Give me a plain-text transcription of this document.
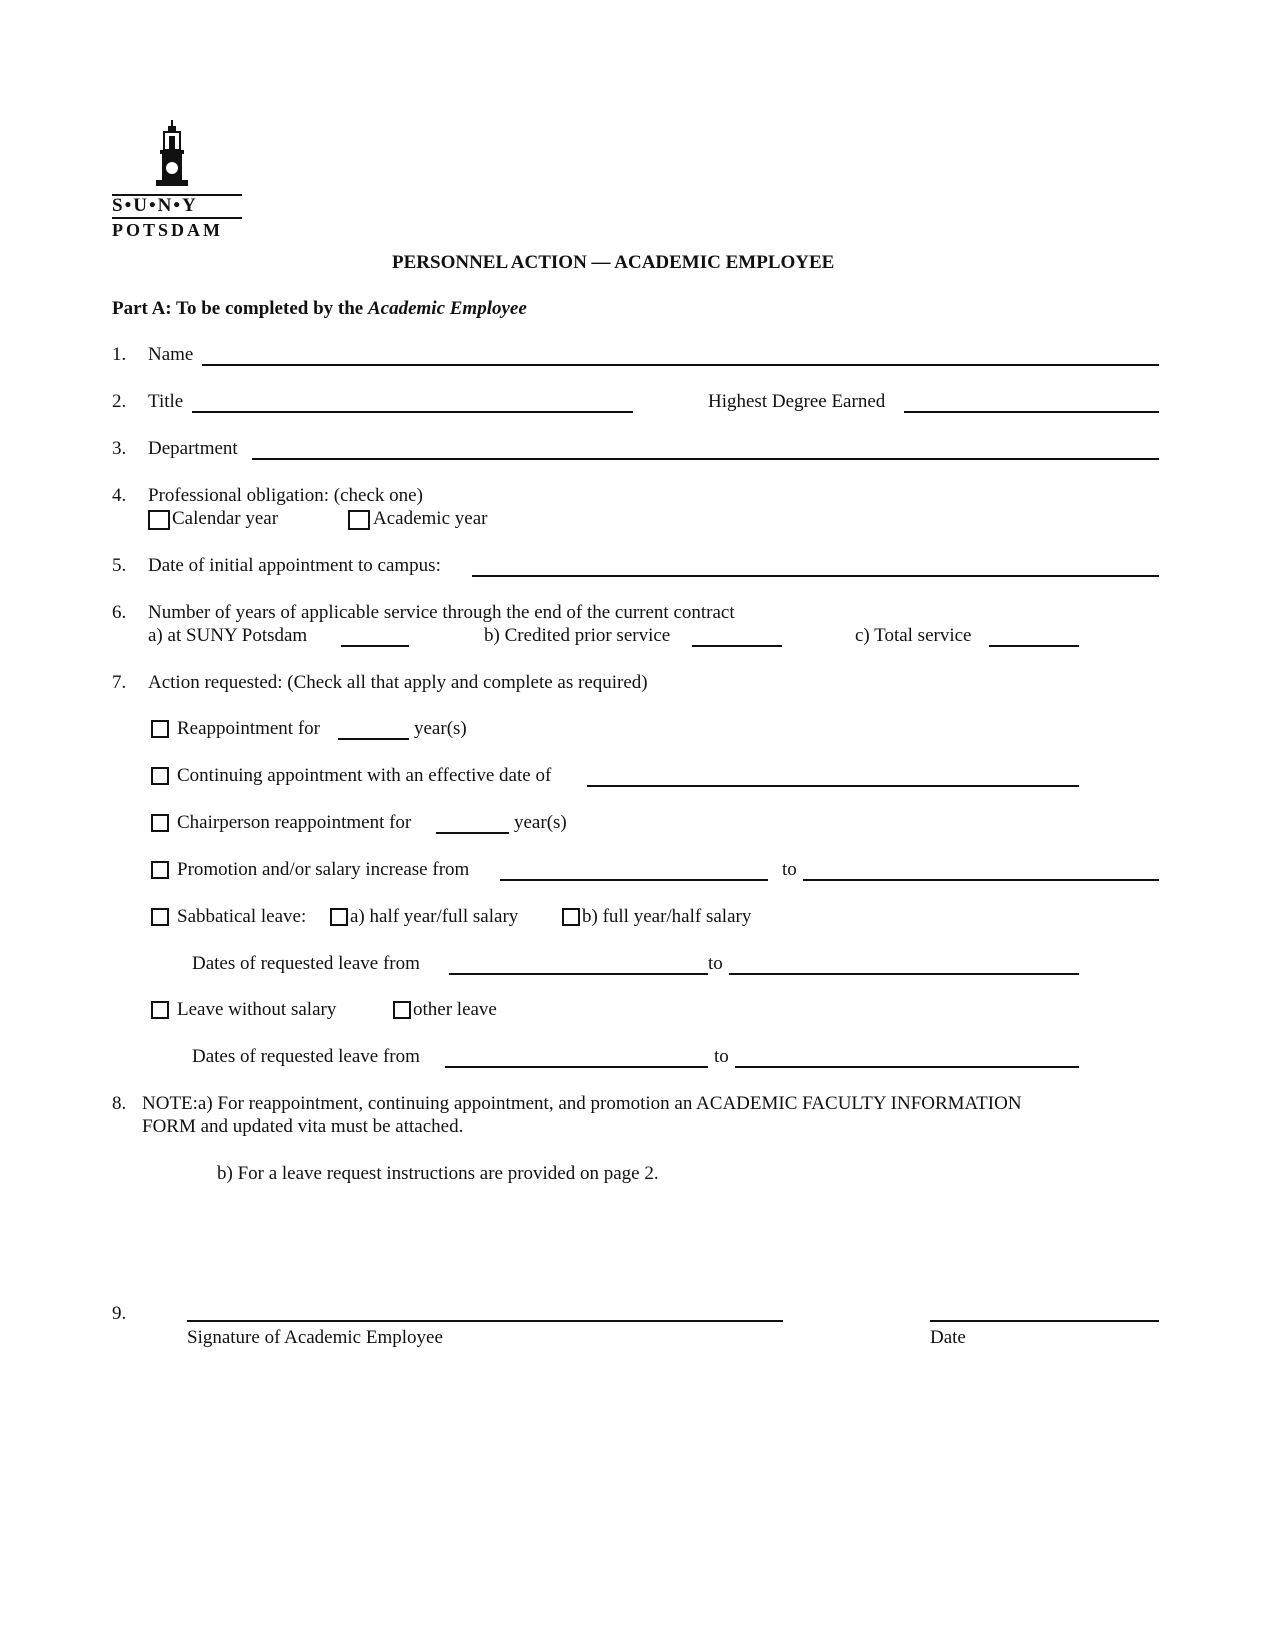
S•U•N•Y
POTSDAM
PERSONNEL ACTION — ACADEMIC EMPLOYEE
Part A: To be completed by the Academic Employee
1. Name
2. Title	Highest Degree Earned
3. Department
4. Professional obligation: (check one)
Calendar year	Academic year
5. Date of initial appointment to campus:
6. Number of years of applicable service through the end of the current contract
a) at SUNY Potsdam	b) Credited prior service	c) Total service
7. Action requested: (Check all that apply and complete as required)
Reappointment for	year(s)
Continuing appointment with an effective date of
Chairperson reappointment for	year(s)
Promotion and/or salary increase from	to
Sabbatical leave: a) half year/full salary	b) full year/half salary
Dates of requested leave from	to
Leave without salary	other leave
Dates of requested leave from	to
8. NOTE:a) For reappointment, continuing appointment, and promotion an ACADEMIC FACULTY INFORMATION
FORM and updated vita must be attached.
b) For a leave request instructions are provided on page 2.
9.
Signature of Academic Employee	Date
